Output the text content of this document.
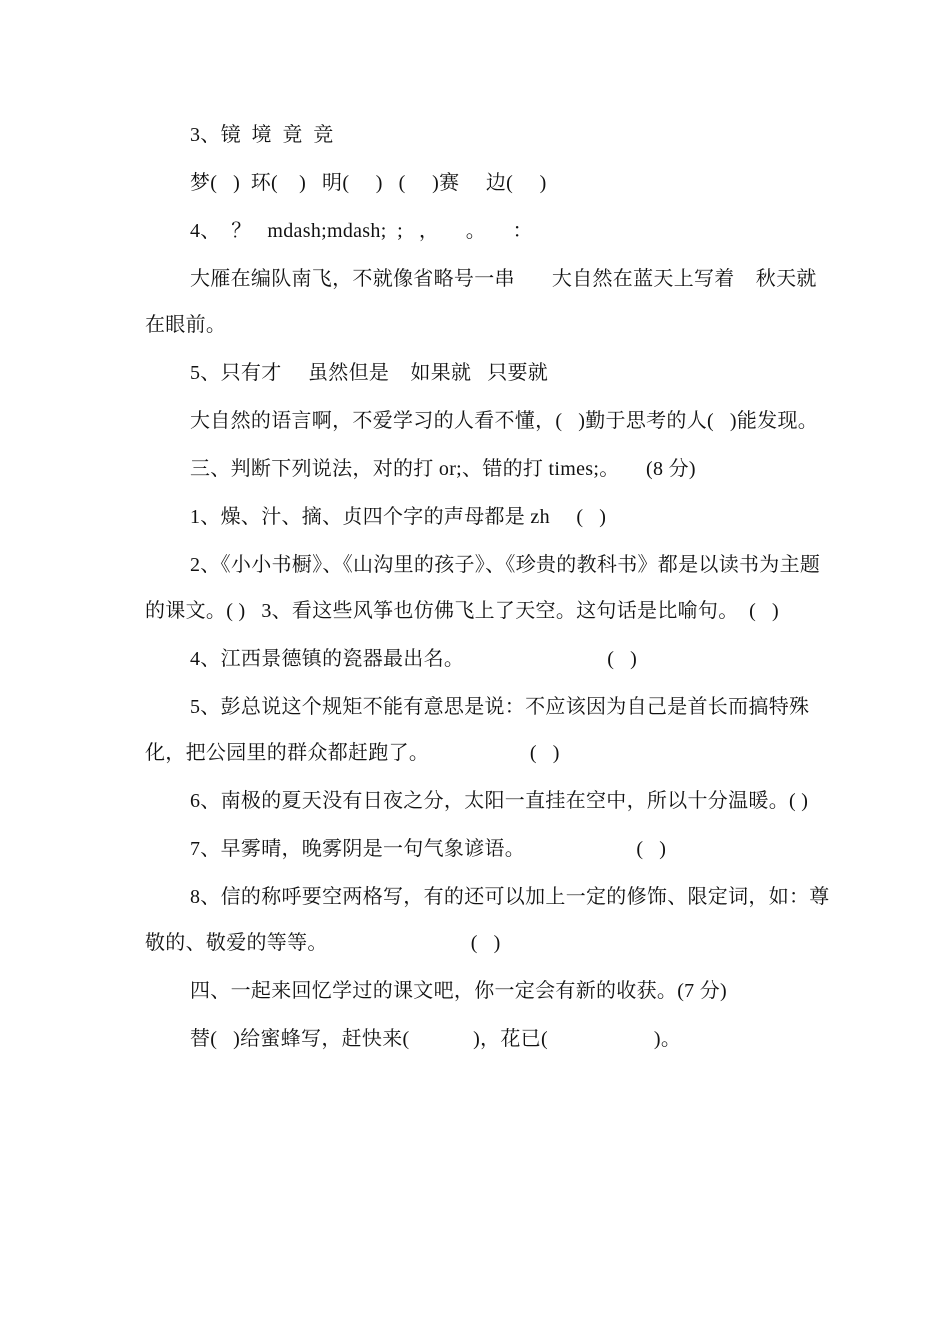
3、镜  境  竟  竞

梦(   )  环(    )   明(     )   (     )赛     边(     )

4、  ？   mdash;mdash;  ;   ，     。     ：

大雁在编队南飞，不就像省略号一串       大自然在蓝天上写着    秋天就在眼前。

5、只有才     虽然但是    如果就   只要就

大自然的语言啊，不爱学习的人看不懂，(   )勤于思考的人(   )能发现。

三、判断下列说法，对的打 or;、错的打 times;。     (8 分)

1、燥、汁、摘、贞四个字的声母都是 zh     (   )

2、《小小书橱》、《山沟里的孩子》、《珍贵的教科书》都是以读书为主题的课文。( )   3、看这些风筝也仿佛飞上了天空。这句话是比喻句。  (   )

4、江西景德镇的瓷器最出名。                           (   )

5、彭总说这个规矩不能有意思是说：不应该因为自己是首长而搞特殊化，把公园里的群众都赶跑了。                   (   )

6、南极的夏天没有日夜之分，太阳一直挂在空中，所以十分温暖。( )

7、早雾晴，晚雾阴是一句气象谚语。                     (   )

8、信的称呼要空两格写，有的还可以加上一定的修饰、限定词，如：尊敬的、敬爱的等等。                           (   )

四、一起来回忆学过的课文吧，你一定会有新的收获。(7 分)

替(   )给蜜蜂写，赶快来(            )，花已(                    )。
